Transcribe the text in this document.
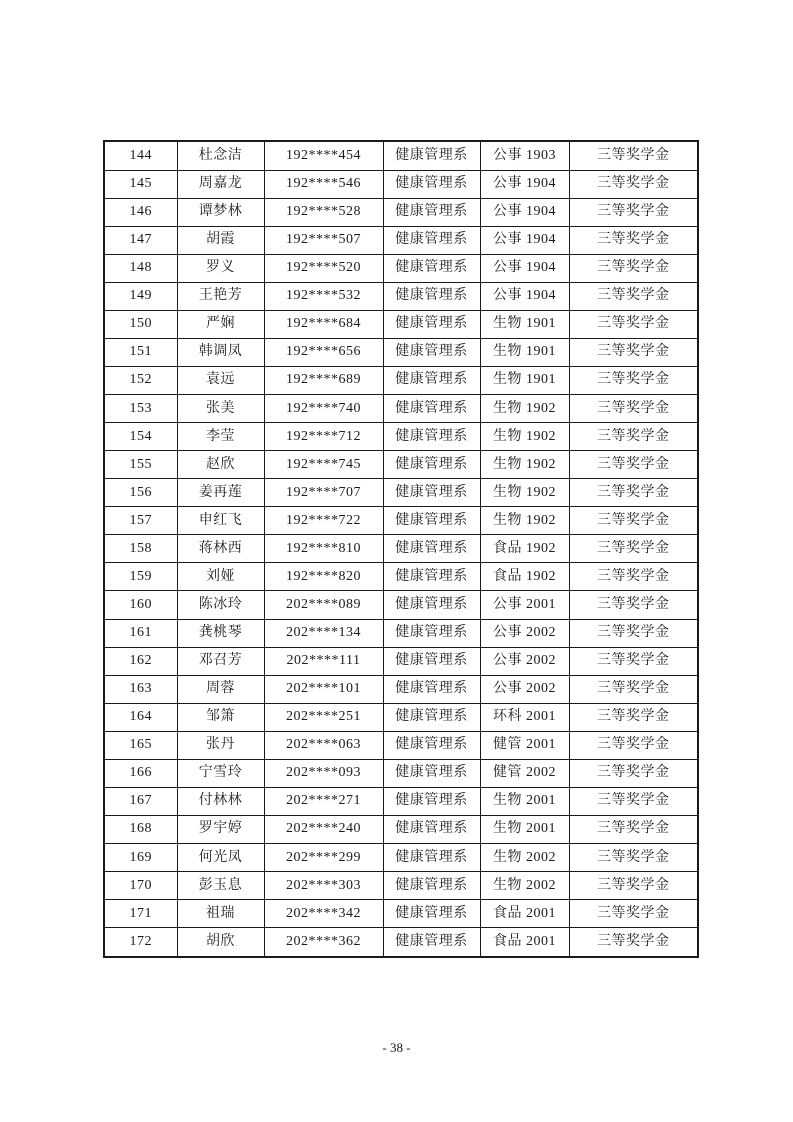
144	杜念洁	192****454	健康管理系	公事 1903	三等奖学金
145	周嘉龙	192****546	健康管理系	公事 1904	三等奖学金
146	谭梦林	192****528	健康管理系	公事 1904	三等奖学金
147	胡霞	192****507	健康管理系	公事 1904	三等奖学金
148	罗义	192****520	健康管理系	公事 1904	三等奖学金
149	王艳芳	192****532	健康管理系	公事 1904	三等奖学金
150	严娴	192****684	健康管理系	生物 1901	三等奖学金
151	韩调凤	192****656	健康管理系	生物 1901	三等奖学金
152	袁远	192****689	健康管理系	生物 1901	三等奖学金
153	张美	192****740	健康管理系	生物 1902	三等奖学金
154	李莹	192****712	健康管理系	生物 1902	三等奖学金
155	赵欣	192****745	健康管理系	生物 1902	三等奖学金
156	姜再莲	192****707	健康管理系	生物 1902	三等奖学金
157	申红飞	192****722	健康管理系	生物 1902	三等奖学金
158	蒋林西	192****810	健康管理系	食品 1902	三等奖学金
159	刘娅	192****820	健康管理系	食品 1902	三等奖学金
160	陈冰玲	202****089	健康管理系	公事 2001	三等奖学金
161	龚桃琴	202****134	健康管理系	公事 2002	三等奖学金
162	邓召芳	202****111	健康管理系	公事 2002	三等奖学金
163	周蓉	202****101	健康管理系	公事 2002	三等奖学金
164	邹箫	202****251	健康管理系	环科 2001	三等奖学金
165	张丹	202****063	健康管理系	健管 2001	三等奖学金
166	宁雪玲	202****093	健康管理系	健管 2002	三等奖学金
167	付林林	202****271	健康管理系	生物 2001	三等奖学金
168	罗宇婷	202****240	健康管理系	生物 2001	三等奖学金
169	何光凤	202****299	健康管理系	生物 2002	三等奖学金
170	彭玉息	202****303	健康管理系	生物 2002	三等奖学金
171	祖瑞	202****342	健康管理系	食品 2001	三等奖学金
172	胡欣	202****362	健康管理系	食品 2001	三等奖学金
- 38 -
